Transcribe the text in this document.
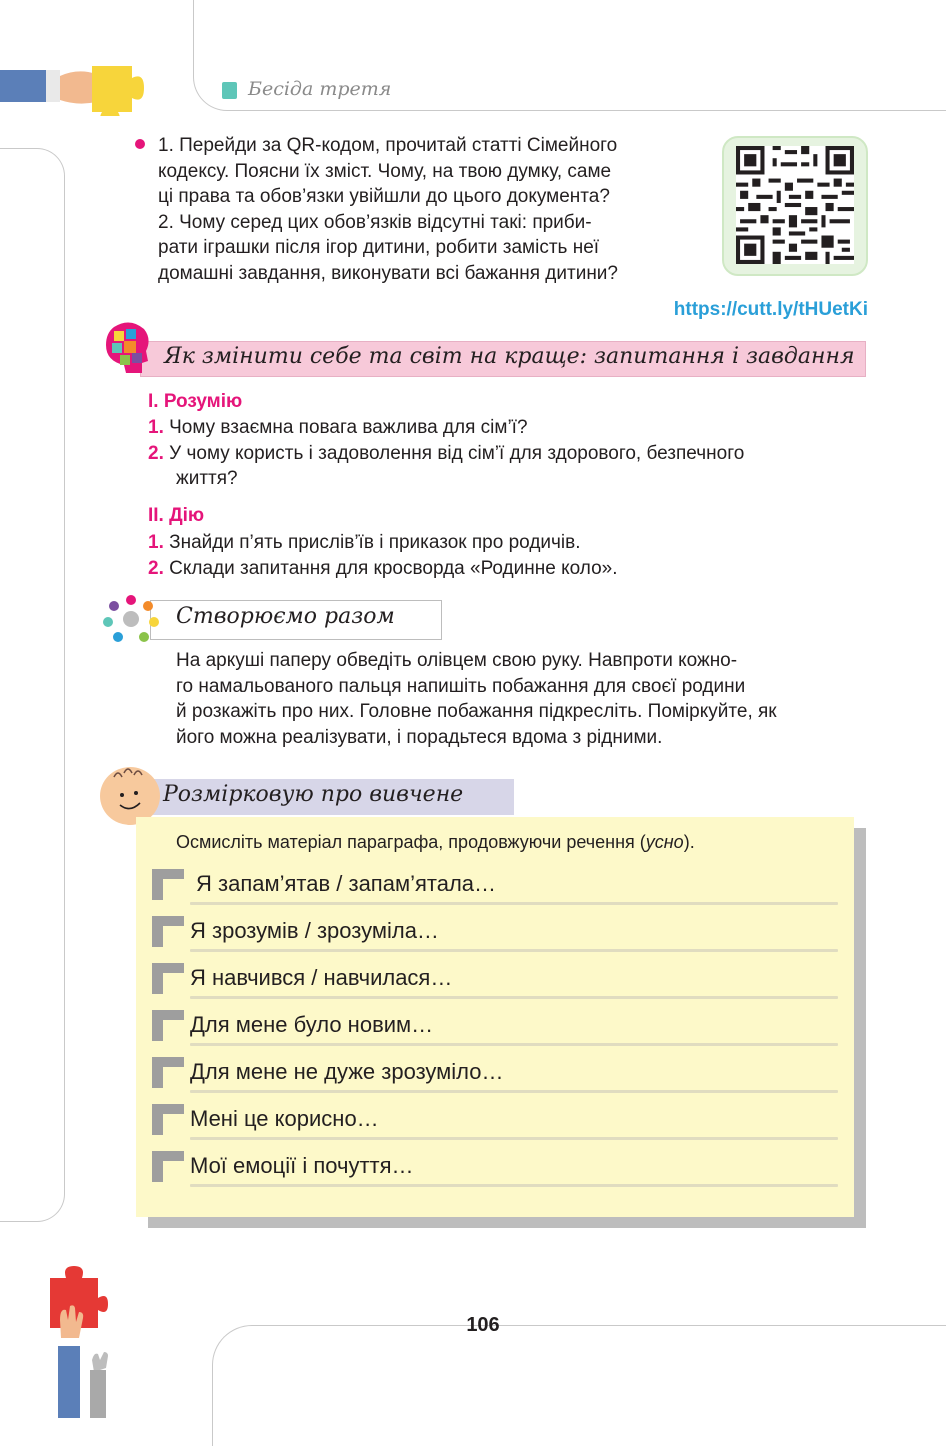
Бесіда третя
1. Перейди за QR-кодом, прочитай статті Сімейного
кодексу. Поясни їх зміст. Чому, на твою думку, саме
ці права та обов’язки увійшли до цього документа?
2. Чому серед цих обов’язків відсутні такі: приби-
рати іграшки після ігор дитини, робити замість неї
домашні завдання, виконувати всі бажання дитини?
https://cutt.ly/tHUetKi
Як змінити себе та світ на краще: запитання і завдання
I. Розумію
1. Чому взаємна повага важлива для сім’ї?
2. У чому користь і задоволення від сім’ї для здорового, безпечного
життя?
II. Дію
1. Знайди п’ять прислів’їв і приказок про родичів.
2. Склади запитання для кросворда «Родинне коло».
Створюємо разом
На аркуші паперу обведіть олівцем свою руку. Навпроти кожно-
го намальованого пальця напишіть побажання для своєї родини
й розкажіть про них. Головне побажання підкресліть. Поміркуйте, як
його можна реалізувати, і порадьтеся вдома з рідними.
Розмірковую про вивчене
Осмисліть матеріал параграфа, продовжуючи речення (усно).
Я запам’ятав / запам’ятала…
Я зрозумів / зрозуміла…
Я навчився / навчилася…
Для мене було новим…
Для мене не дуже зрозуміло…
Мені це корисно…
Мої емоції і почуття…
106
